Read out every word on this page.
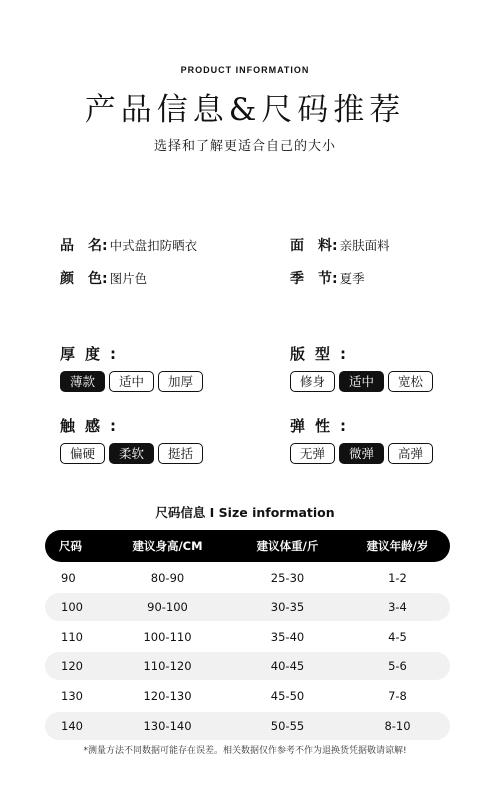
PRODUCT INFORMATION
产品信息&尺码推荐
选择和了解更适合自己的大小
品　名: 中式盘扣防晒衣	面　料: 亲肤面料
颜　色: 图片色	季　节: 夏季
厚度:
薄款	适中	加厚
版型:
修身	适中	宽松
触感:
偏硬	柔软	挺括
弹性:
无弹	微弹	高弹
尺码信息 I Size information
尺码	建议身高/CM	建议体重/斤	建议年龄/岁
90	80-90	25-30	1-2
100	90-100	30-35	3-4
110	100-110	35-40	4-5
120	110-120	40-45	5-6
130	120-130	45-50	7-8
140	130-140	50-55	8-10
*测量方法不同数据可能存在误差。相关数据仅作参考不作为退换货凭据敬请谅解!
